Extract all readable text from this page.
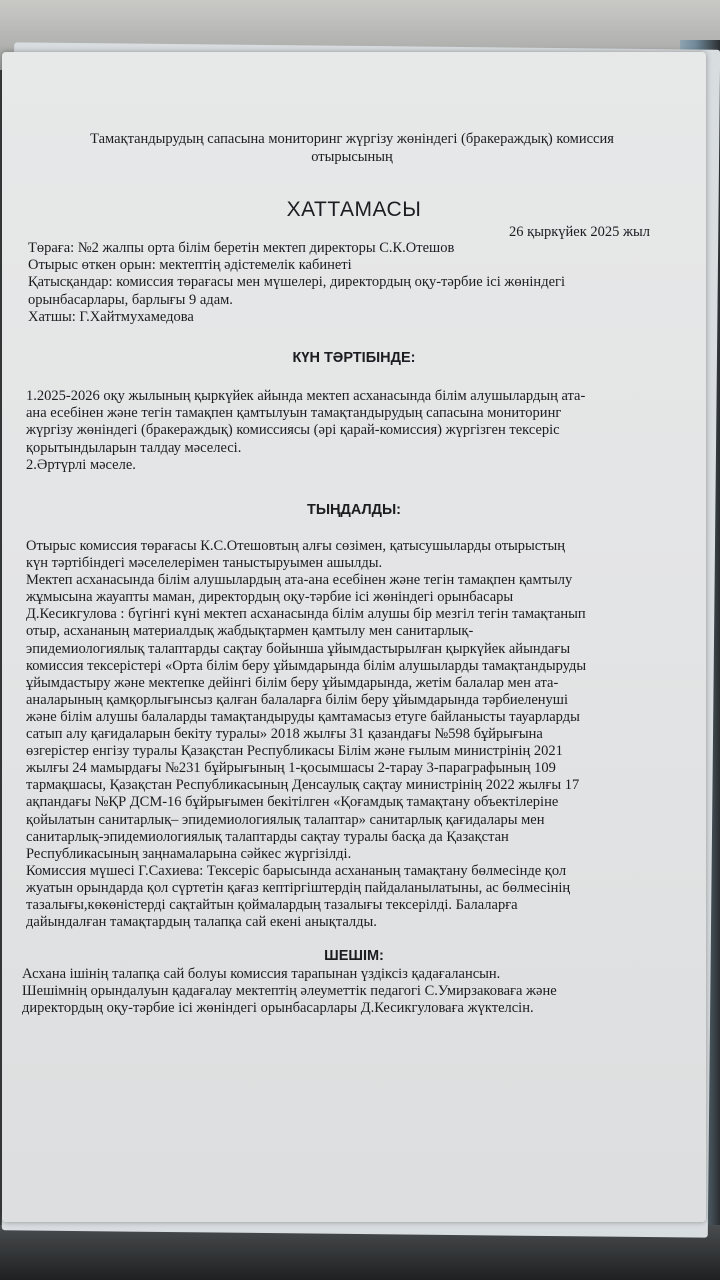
Тамақтандырудың сапасына мониторинг жүргізу жөніндегі (бракераждық) комиссия
отырысының
ХАТТАМАСЫ
26 қыркүйек 2025 жыл
Төраға: №2 жалпы орта білім беретін мектеп директоры С.К.Отешов
Отырыс өткен орын: мектептің әдістемелік кабинеті
Қатысқандар: комиссия төрағасы мен мүшелері, директордың оқу-тәрбие ісі жөніндегі
орынбасарлары, барлығы 9 адам.
Хатшы: Г.Хайтмухамедова
КҮН ТӘРТІБІНДЕ:
1.2025-2026 оқу жылының қыркүйек айында мектеп асханасында білім алушылардың ата-
ана есебінен және тегін тамақпен қамтылуын тамақтандырудың сапасына мониторинг
жүргізу жөніндегі (бракераждық) комиссиясы (әрі қарай-комиссия) жүргізген тексеріс
қорытындыларын талдау мәселесі.
2.Әртүрлі мәселе.
ТЫҢДАЛДЫ:
Отырыс комиссия төрағасы К.С.Отешовтың алғы сөзімен, қатысушыларды отырыстың
күн тәртібіндегі мәселелерімен таныстыруымен ашылды.
Мектеп асханасында білім алушылардың ата-ана есебінен және тегін тамақпен қамтылу
жұмысына жауапты маман, директордың оқу-тәрбие ісі жөніндегі орынбасары
Д.Кесикгулова : бүгінгі күні мектеп асханасында білім алушы бір мезгіл тегін тамақтанып
отыр, асхананың материалдық жабдықтармен қамтылу мен санитарлық-
эпидемиологиялық талаптарды сақтау бойынша ұйымдастырылған қыркүйек айындағы
комиссия тексерістері «Орта білім беру ұйымдарында білім алушыларды тамақтандыруды
ұйымдастыру және мектепке дейінгі білім беру ұйымдарында, жетім балалар мен ата-
аналарының қамқорлығынсыз қалған балаларға білім беру ұйымдарында тәрбиеленуші
және білім алушы балаларды тамақтандыруды қамтамасыз етуге байланысты тауарларды
сатып алу қағидаларын бекіту туралы» 2018 жылғы 31 қазандағы №598 бұйрығына
өзгерістер енгізу туралы Қазақстан Республикасы Білім және ғылым министрінің 2021
жылғы 24 мамырдағы №231 бұйрығының 1-қосымшасы 2-тарау 3-параграфының 109
тармақшасы, Қазақстан Республикасының Денсаулық сақтау министрінің 2022 жылғы 17
ақпандағы №ҚР ДСМ-16 бұйрығымен бекітілген «Қоғамдық тамақтану объектілеріне
қойылатын санитарлық– эпидемиологиялық талаптар» санитарлық қағидалары мен
санитарлық-эпидемиологиялық талаптарды сақтау туралы басқа да Қазақстан
Республикасының заңнамаларына сәйкес жүргізілді.
Комиссия мүшесі Г.Сахиева: Тексеріс барысында асхананың тамақтану бөлмесінде қол
жуатын орындарда қол сүртетін қағаз кептіргіштердің пайдаланылатыны, ас бөлмесінің
тазалығы,көкөністерді сақтайтын қоймалардың тазалығы тексерілді. Балаларға
дайындалған тамақтардың талапқа сай екені анықталды.
ШЕШІМ:
Асхана ішінің талапқа сай болуы комиссия тарапынан үздіксіз қадағалансын.
Шешімнің орындалуын қадағалау мектептің әлеуметтік педагогі С.Умирзаковаға және
директордың оқу-тәрбие ісі жөніндегі орынбасарлары Д.Кесикгуловаға жүктелсін.
